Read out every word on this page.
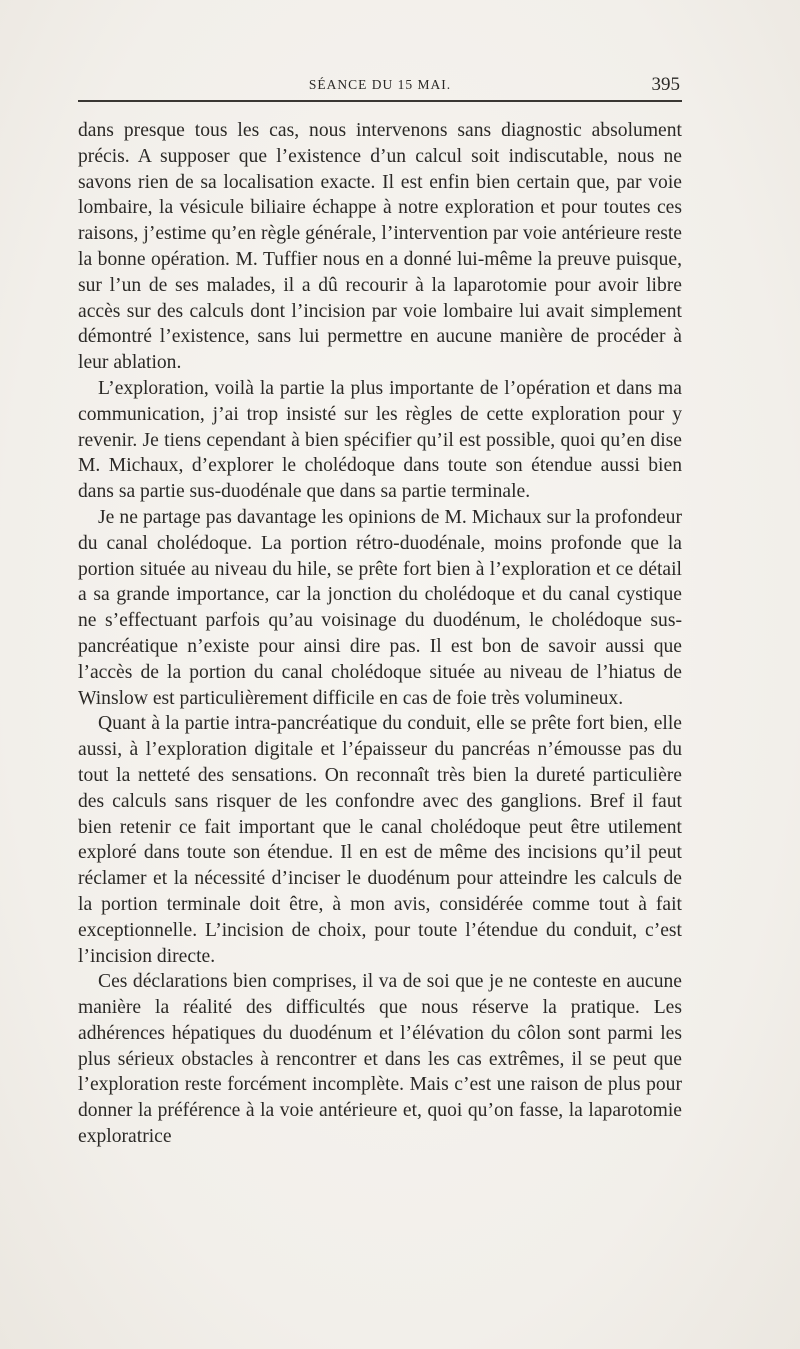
SÉANCE DU 15 MAI.	395

dans presque tous les cas, nous intervenons sans diagnostic absolument précis. A supposer que l’existence d’un calcul soit indiscutable, nous ne savons rien de sa localisation exacte. Il est enfin bien certain que, par voie lombaire, la vésicule biliaire échappe à notre exploration et pour toutes ces raisons, j’estime qu’en règle générale, l’intervention par voie antérieure reste la bonne opération. M. Tuffier nous en a donné lui-même la preuve puisque, sur l’un de ses malades, il a dû recourir à la laparotomie pour avoir libre accès sur des calculs dont l’incision par voie lombaire lui avait simplement démontré l’existence, sans lui permettre en aucune manière de procéder à leur ablation.

L’exploration, voilà la partie la plus importante de l’opération et dans ma communication, j’ai trop insisté sur les règles de cette exploration pour y revenir. Je tiens cependant à bien spécifier qu’il est possible, quoi qu’en dise M. Michaux, d’explorer le cholédoque dans toute son étendue aussi bien dans sa partie sus-duodénale que dans sa partie terminale.

Je ne partage pas davantage les opinions de M. Michaux sur la profondeur du canal cholédoque. La portion rétro-duodénale, moins profonde que la portion située au niveau du hile, se prête fort bien à l’exploration et ce détail a sa grande importance, car la jonction du cholédoque et du canal cystique ne s’effectuant parfois qu’au voisinage du duodénum, le cholédoque sus-pancréatique n’existe pour ainsi dire pas. Il est bon de savoir aussi que l’accès de la portion du canal cholédoque située au niveau de l’hiatus de Winslow est particulièrement difficile en cas de foie très volumineux.

Quant à la partie intra-pancréatique du conduit, elle se prête fort bien, elle aussi, à l’exploration digitale et l’épaisseur du pancréas n’émousse pas du tout la netteté des sensations. On reconnaît très bien la dureté particulière des calculs sans risquer de les confondre avec des ganglions. Bref il faut bien retenir ce fait important que le canal cholédoque peut être utilement exploré dans toute son étendue. Il en est de même des incisions qu’il peut réclamer et la nécessité d’inciser le duodénum pour atteindre les calculs de la portion terminale doit être, à mon avis, considérée comme tout à fait exceptionnelle. L’incision de choix, pour toute l’étendue du conduit, c’est l’incision directe.

Ces déclarations bien comprises, il va de soi que je ne conteste en aucune manière la réalité des difficultés que nous réserve la pratique. Les adhérences hépatiques du duodénum et l’élévation du côlon sont parmi les plus sérieux obstacles à rencontrer et dans les cas extrêmes, il se peut que l’exploration reste forcément incomplète. Mais c’est une raison de plus pour donner la préférence à la voie antérieure et, quoi qu’on fasse, la laparotomie exploratrice
